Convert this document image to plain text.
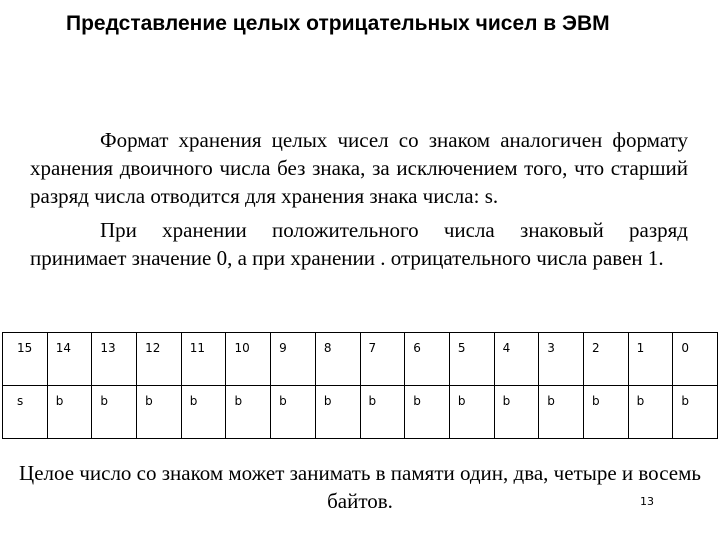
Представление целых отрицательных чисел в ЭВМ

Формат хранения целых чисел со знаком аналогичен формату хранения двоичного числа без знака, за исключением того, что старший разряд числа отводится для хранения знака числа: s.

При хранении положительного числа знаковый разряд принимает значение 0, а при хранении . отрицательного числа равен 1.

15	14	13	12	11	10	9	8	7	6	5	4	3	2	1	0
s	b	b	b	b	b	b	b	b	b	b	b	b	b	b	b
Целое число со знаком может занимать в памяти один, два, четыре и восемь байтов.	13
